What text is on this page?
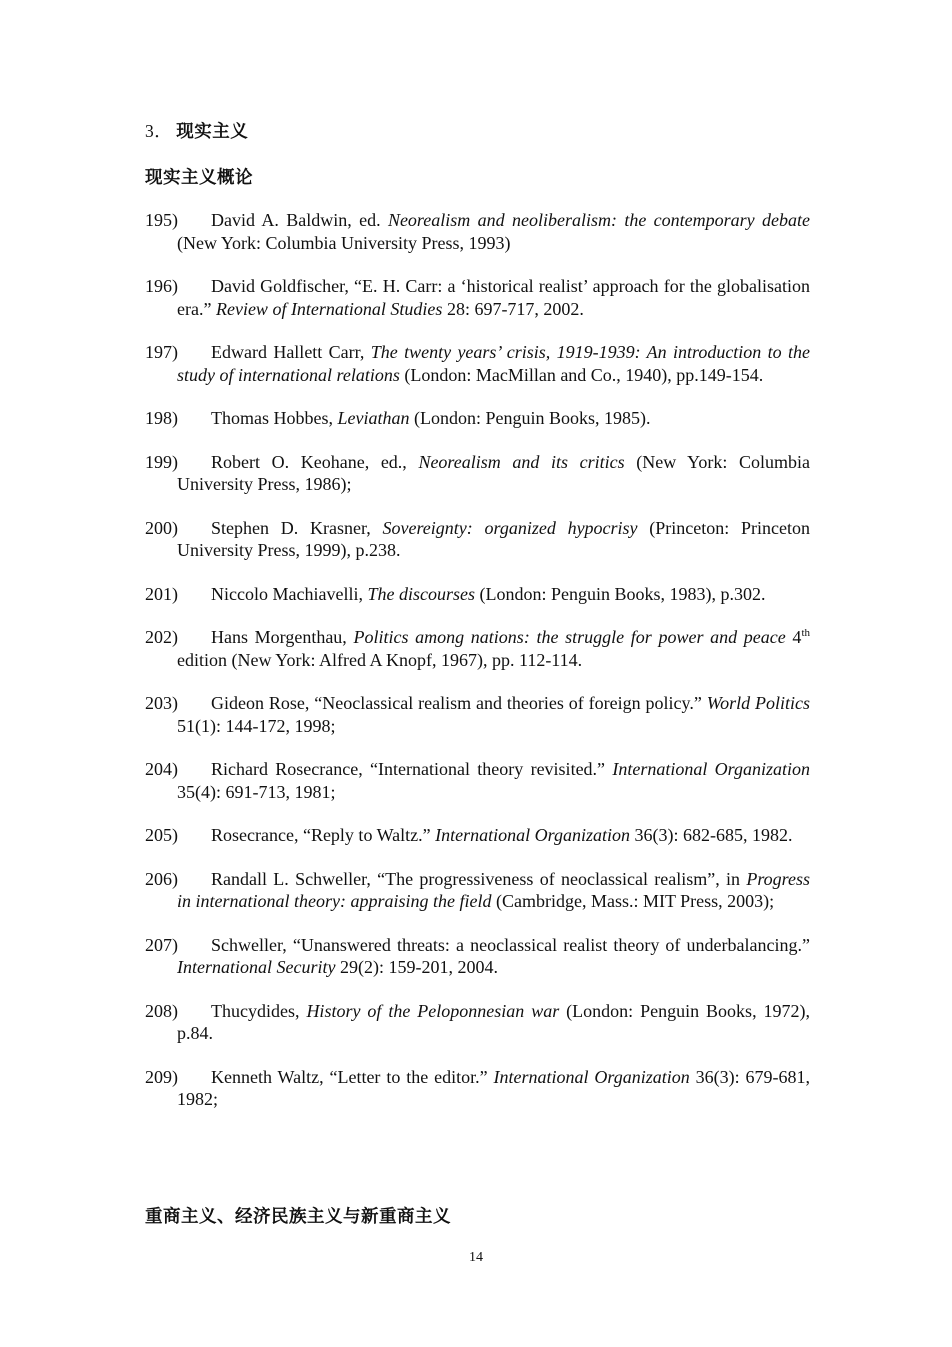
3． 现实主义
现实主义概论

195) David A. Baldwin, ed. Neorealism and neoliberalism: the contemporary debate (New York: Columbia University Press, 1993)

196) David Goldfischer, “E. H. Carr: a ‘historical realist’ approach for the globalisation era.” Review of International Studies 28: 697-717, 2002.

197) Edward Hallett Carr, The twenty years’ crisis, 1919-1939: An introduction to the study of international relations (London: MacMillan and Co., 1940), pp.149-154.

198) Thomas Hobbes, Leviathan (London: Penguin Books, 1985).

199) Robert O. Keohane, ed., Neorealism and its critics (New York: Columbia University Press, 1986);

200) Stephen D. Krasner, Sovereignty: organized hypocrisy (Princeton: Princeton University Press, 1999), p.238.

201) Niccolo Machiavelli, The discourses (London: Penguin Books, 1983), p.302.

202) Hans Morgenthau, Politics among nations: the struggle for power and peace 4th edition (New York: Alfred A Knopf, 1967), pp. 112-114.

203) Gideon Rose, “Neoclassical realism and theories of foreign policy.” World Politics 51(1): 144-172, 1998;

204) Richard Rosecrance, “International theory revisited.” International Organization 35(4): 691-713, 1981;

205) Rosecrance, “Reply to Waltz.” International Organization 36(3): 682-685, 1982.

206) Randall L. Schweller, “The progressiveness of neoclassical realism”, in Progress in international theory: appraising the field (Cambridge, Mass.: MIT Press, 2003);

207) Schweller, “Unanswered threats: a neoclassical realist theory of underbalancing.” International Security 29(2): 159-201, 2004.

208) Thucydides, History of the Peloponnesian war (London: Penguin Books, 1972), p.84.

209) Kenneth Waltz, “Letter to the editor.” International Organization 36(3): 679-681, 1982;

重商主义、经济民族主义与新重商主义
14
